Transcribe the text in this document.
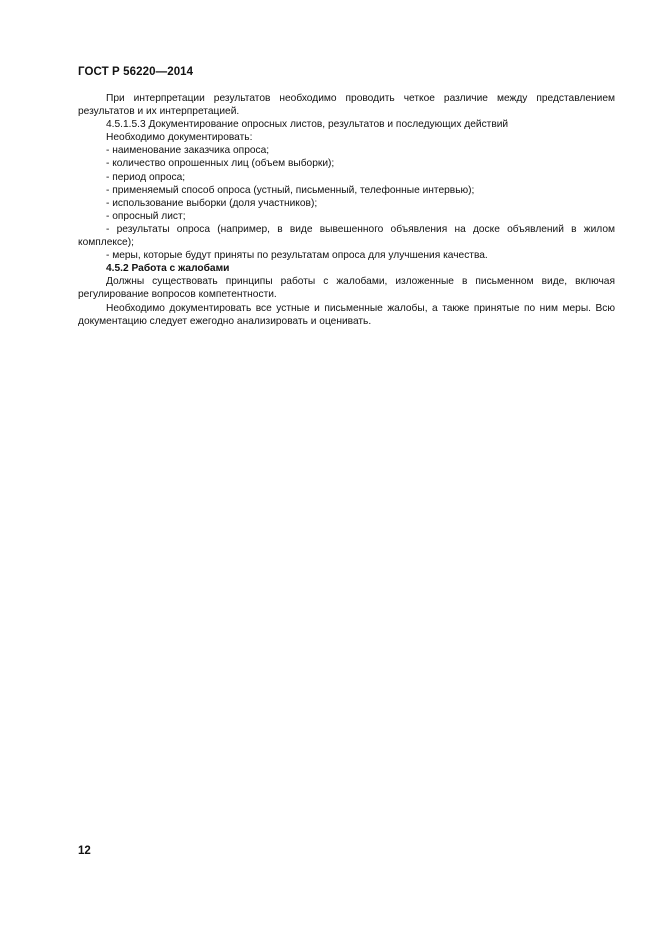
ГОСТ Р 56220—2014

При интерпретации результатов необходимо проводить четкое различие между представлением результатов и их интерпретацией.

4.5.1.5.3 Документирование опросных листов, результатов и последующих действий

Необходимо документировать:

- наименование заказчика опроса;

- количество опрошенных лиц (объем выборки);

- период опроса;

- применяемый способ опроса (устный, письменный, телефонные интервью);

- использование выборки (доля участников);

- опросный лист;

- результаты опроса (например, в виде вывешенного объявления на доске объявлений в жилом комплексе);

- меры, которые будут приняты по результатам опроса для улучшения качества.

4.5.2 Работа с жалобами

Должны существовать принципы работы с жалобами, изложенные в письменном виде, включая регулирование вопросов компетентности.

Необходимо документировать все устные и письменные жалобы, а также принятые по ним меры. Всю документацию следует ежегодно анализировать и оценивать.

12
